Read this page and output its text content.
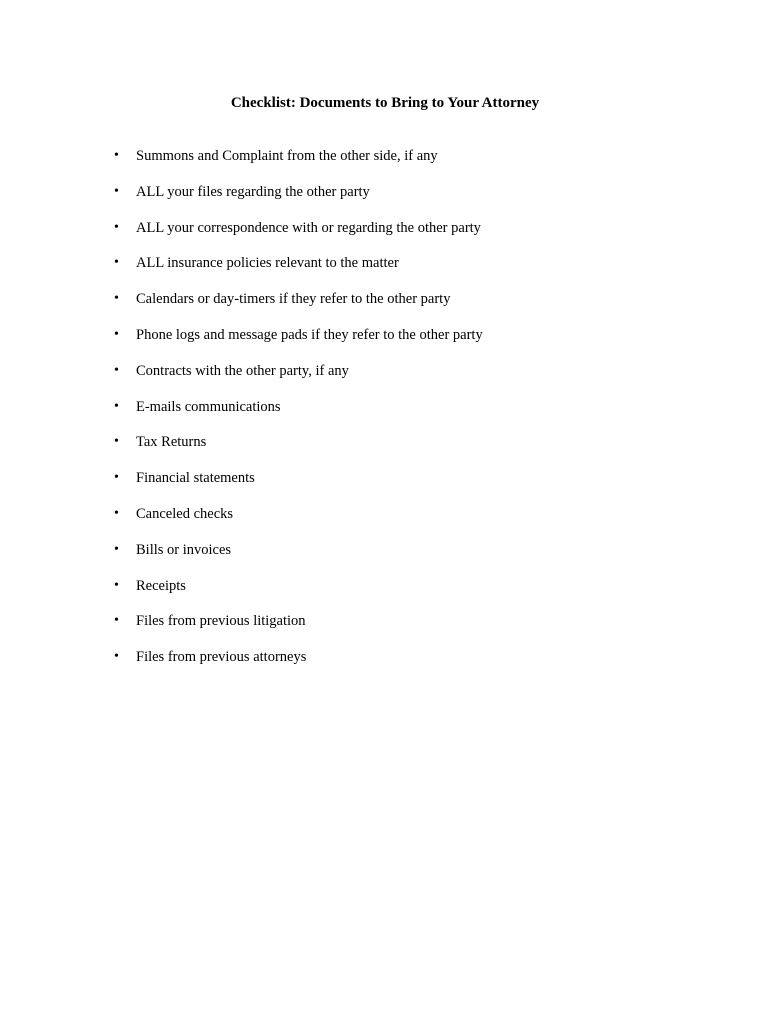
Checklist: Documents to Bring to Your Attorney
• Summons and Complaint from the other side, if any
• ALL your files regarding the other party
• ALL your correspondence with or regarding the other party
• ALL insurance policies relevant to the matter
• Calendars or day-timers if they refer to the other party
• Phone logs and message pads if they refer to the other party
• Contracts with the other party, if any
• E-mails communications
• Tax Returns
• Financial statements
• Canceled checks
• Bills or invoices
• Receipts
• Files from previous litigation
• Files from previous attorneys
